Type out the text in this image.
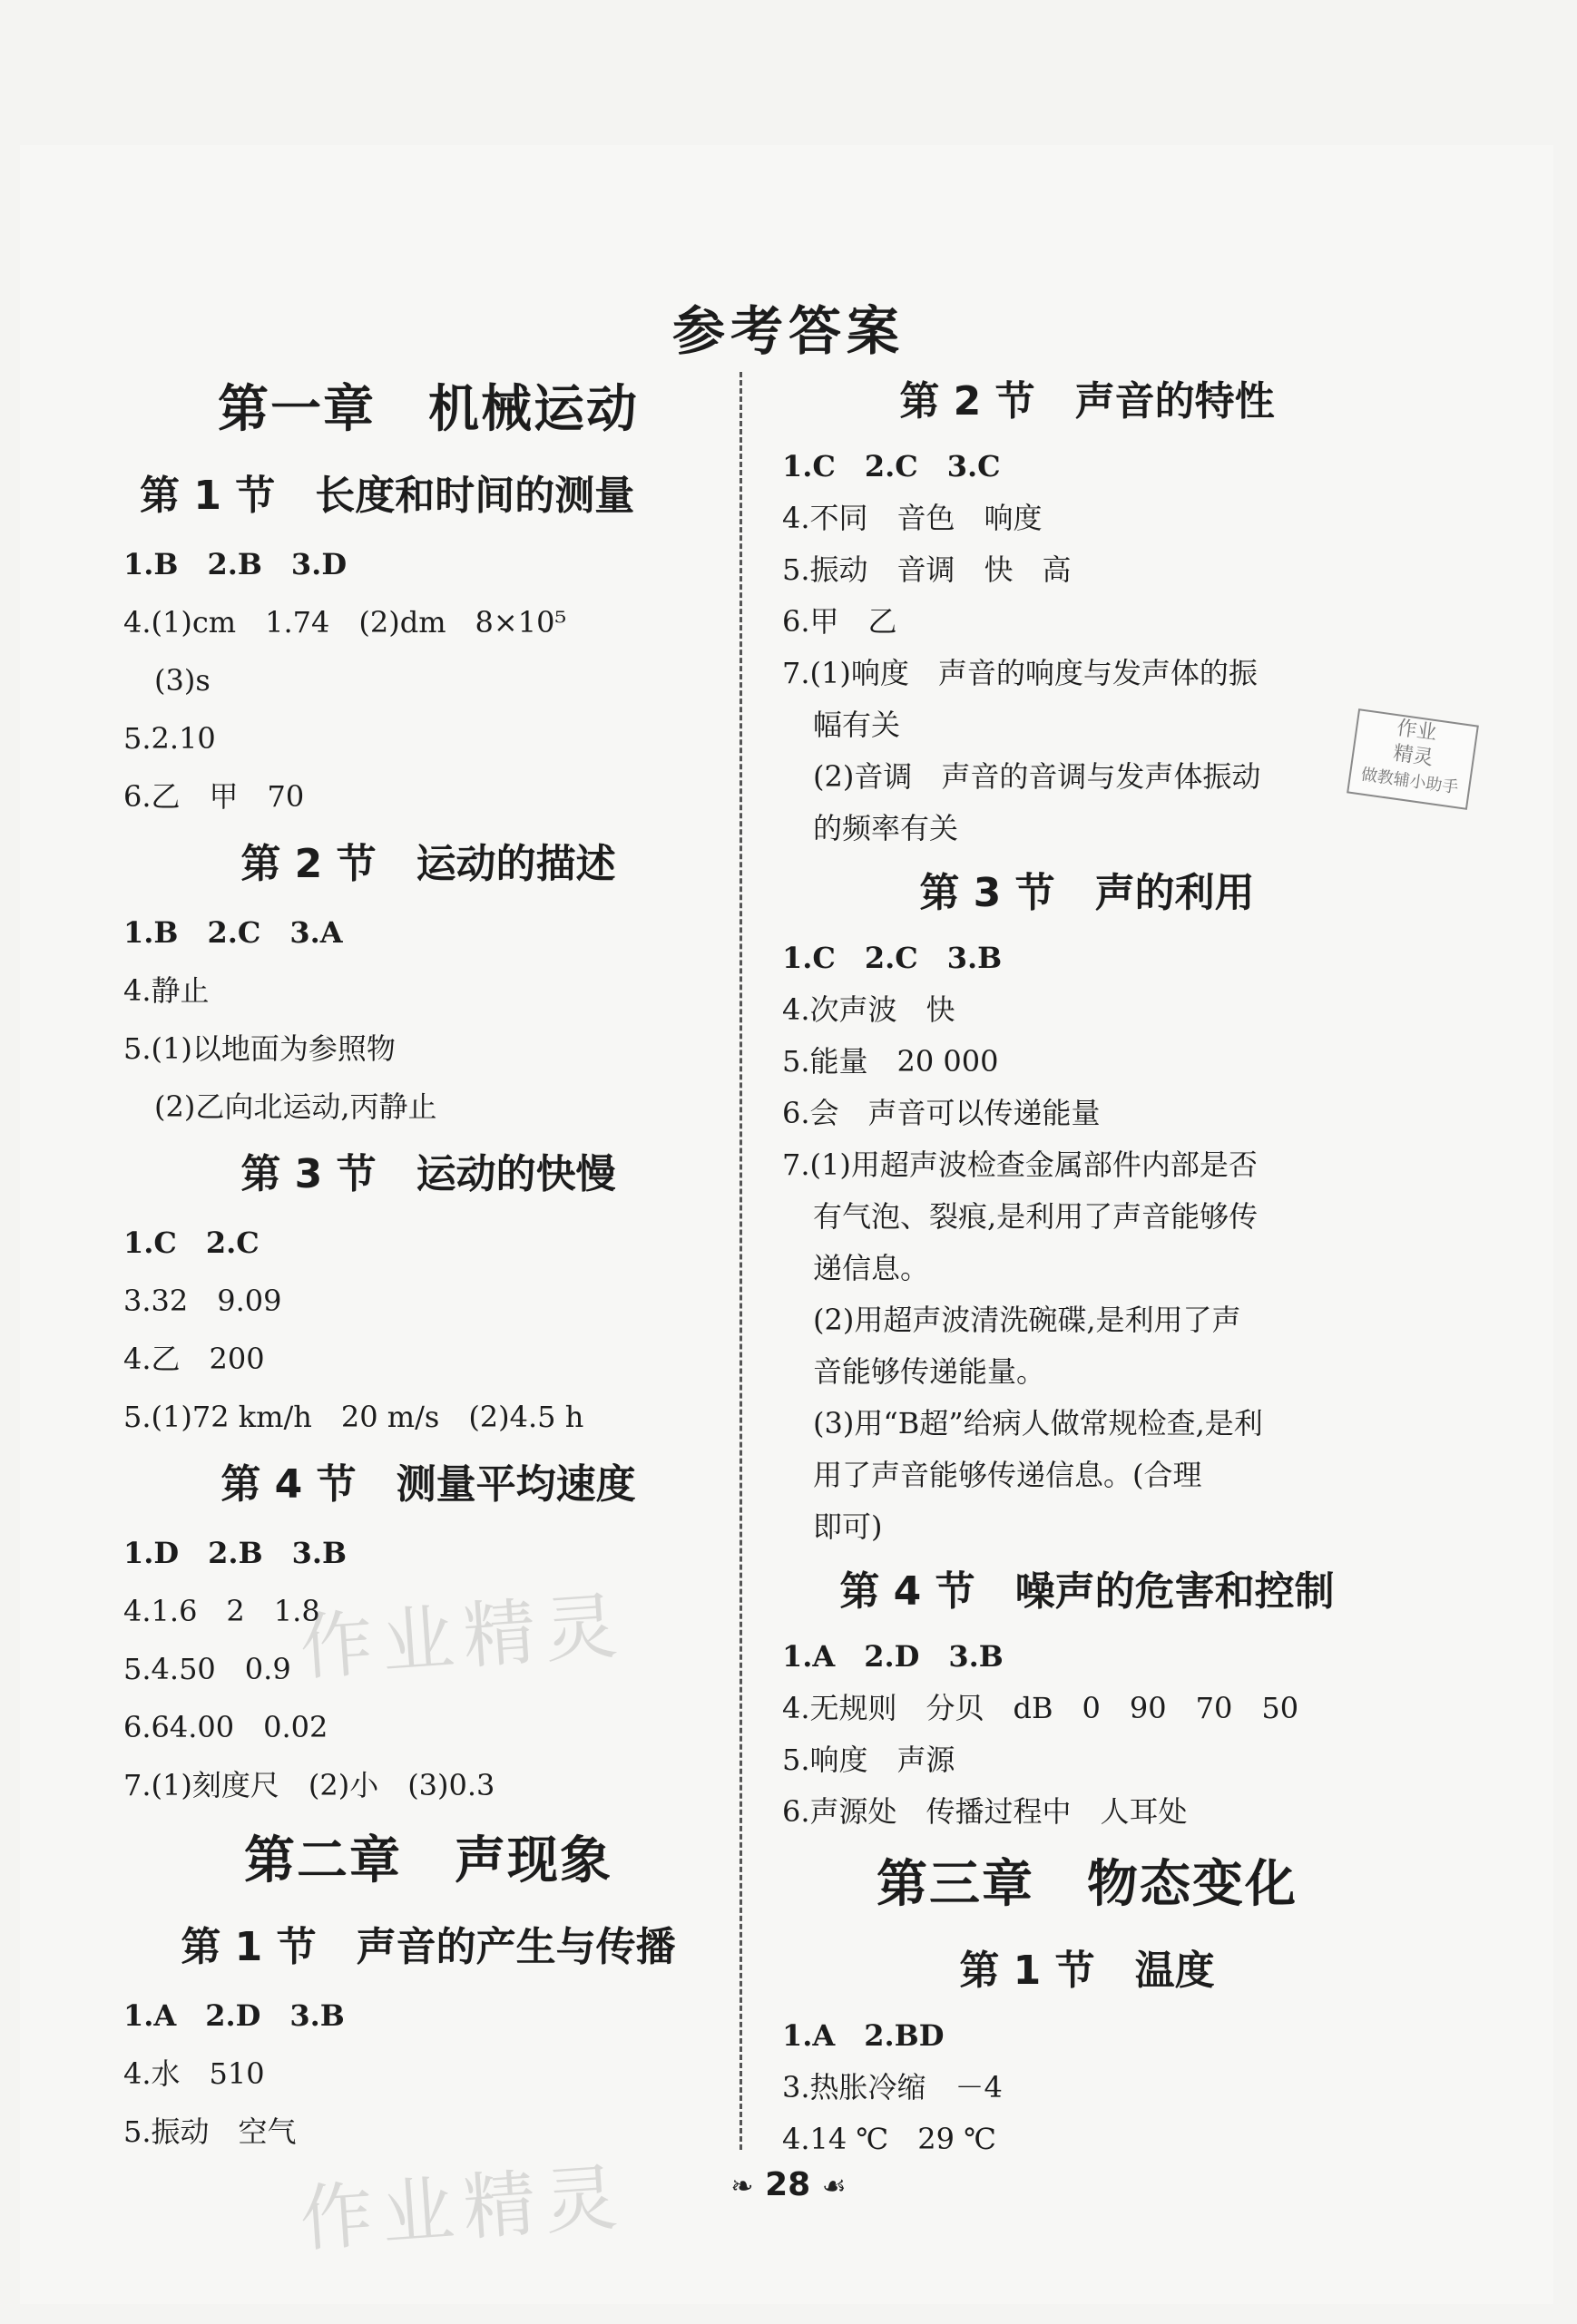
参考答案
第一章　机械运动
第 1 节　长度和时间的测量
1.B　2.B　3.D
4.(1)cm　1.74　(2)dm　8×10⁵
(3)s
5.2.10
6.乙　甲　70
第 2 节　运动的描述
1.B　2.C　3.A
4.静止
5.(1)以地面为参照物
(2)乙向北运动,丙静止
第 3 节　运动的快慢
1.C　2.C
3.32　9.09
4.乙　200
5.(1)72 km/h　20 m/s　(2)4.5 h
第 4 节　测量平均速度
1.D　2.B　3.B
4.1.6　2　1.8
5.4.50　0.9
6.64.00　0.02
7.(1)刻度尺　(2)小　(3)0.3
第二章　声现象
第 1 节　声音的产生与传播
1.A　2.D　3.B
4.水　510
5.振动　空气
第 2 节　声音的特性
1.C　2.C　3.C
4.不同　音色　响度
5.振动　音调　快　高
6.甲　乙
7.(1)响度　声音的响度与发声体的振
幅有关
(2)音调　声音的音调与发声体振动
的频率有关
第 3 节　声的利用
1.C　2.C　3.B
4.次声波　快
5.能量　20 000
6.会　声音可以传递能量
7.(1)用超声波检查金属部件内部是否
有气泡、裂痕,是利用了声音能够传
递信息。
(2)用超声波清洗碗碟,是利用了声
音能够传递能量。
(3)用“B超”给病人做常规检查,是利
用了声音能够传递信息。(合理
即可)
第 4 节　噪声的危害和控制
1.A　2.D　3.B
4.无规则　分贝　dB　0　90　70　50
5.响度　声源
6.声源处　传播过程中　人耳处
第三章　物态变化
第 1 节　温度
1.A　2.BD
3.热胀冷缩　－4
4.14 ℃　29 ℃
作业
精灵
做教辅小助手
作业精灵
作业精灵	❧ 28 ☙
